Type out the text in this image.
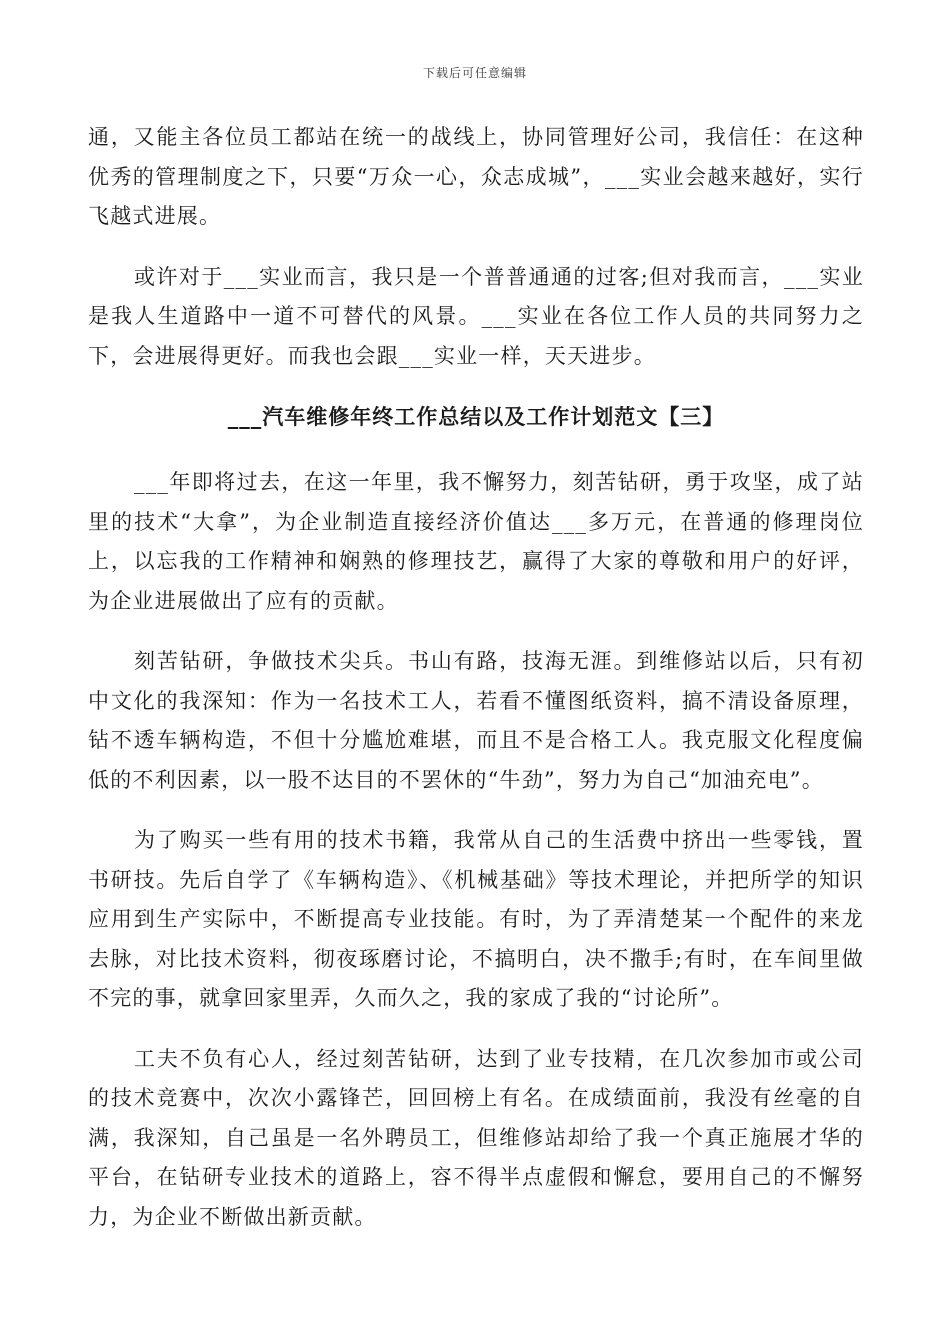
下载后可任意编辑

通，又能主各位员工都站在统一的战线上，协同管理好公司，我信任：在这种优秀的管理制度之下，只要“万众一心，众志成城”，___实业会越来越好，实行飞越式进展。

或许对于___实业而言，我只是一个普普通通的过客;但对我而言，___实业是我人生道路中一道不可替代的风景。___实业在各位工作人员的共同努力之下，会进展得更好。而我也会跟___实业一样，天天进步。

___汽车维修年终工作总结以及工作计划范文【三】

___年即将过去，在这一年里，我不懈努力，刻苦钻研，勇于攻坚，成了站里的技术“大拿”，为企业制造直接经济价值达___多万元，在普通的修理岗位上，以忘我的工作精神和娴熟的修理技艺，赢得了大家的尊敬和用户的好评，为企业进展做出了应有的贡献。

刻苦钻研，争做技术尖兵。书山有路，技海无涯。到维修站以后，只有初中文化的我深知：作为一名技术工人，若看不懂图纸资料，搞不清设备原理，钻不透车辆构造，不但十分尴尬难堪，而且不是合格工人。我克服文化程度偏低的不利因素，以一股不达目的不罢休的“牛劲”，努力为自己“加油充电”。

为了购买一些有用的技术书籍，我常从自己的生活费中挤出一些零钱，置书研技。先后自学了《车辆构造》、《机械基础》等技术理论，并把所学的知识应用到生产实际中，不断提高专业技能。有时，为了弄清楚某一个配件的来龙去脉，对比技术资料，彻夜琢磨讨论，不搞明白，决不撒手;有时，在车间里做不完的事，就拿回家里弄，久而久之，我的家成了我的“讨论所”。

工夫不负有心人，经过刻苦钻研，达到了业专技精，在几次参加市或公司的技术竞赛中，次次小露锋芒，回回榜上有名。在成绩面前，我没有丝毫的自满，我深知，自己虽是一名外聘员工，但维修站却给了我一个真正施展才华的平台，在钻研专业技术的道路上，容不得半点虚假和懈怠，要用自己的不懈努力，为企业不断做出新贡献。
